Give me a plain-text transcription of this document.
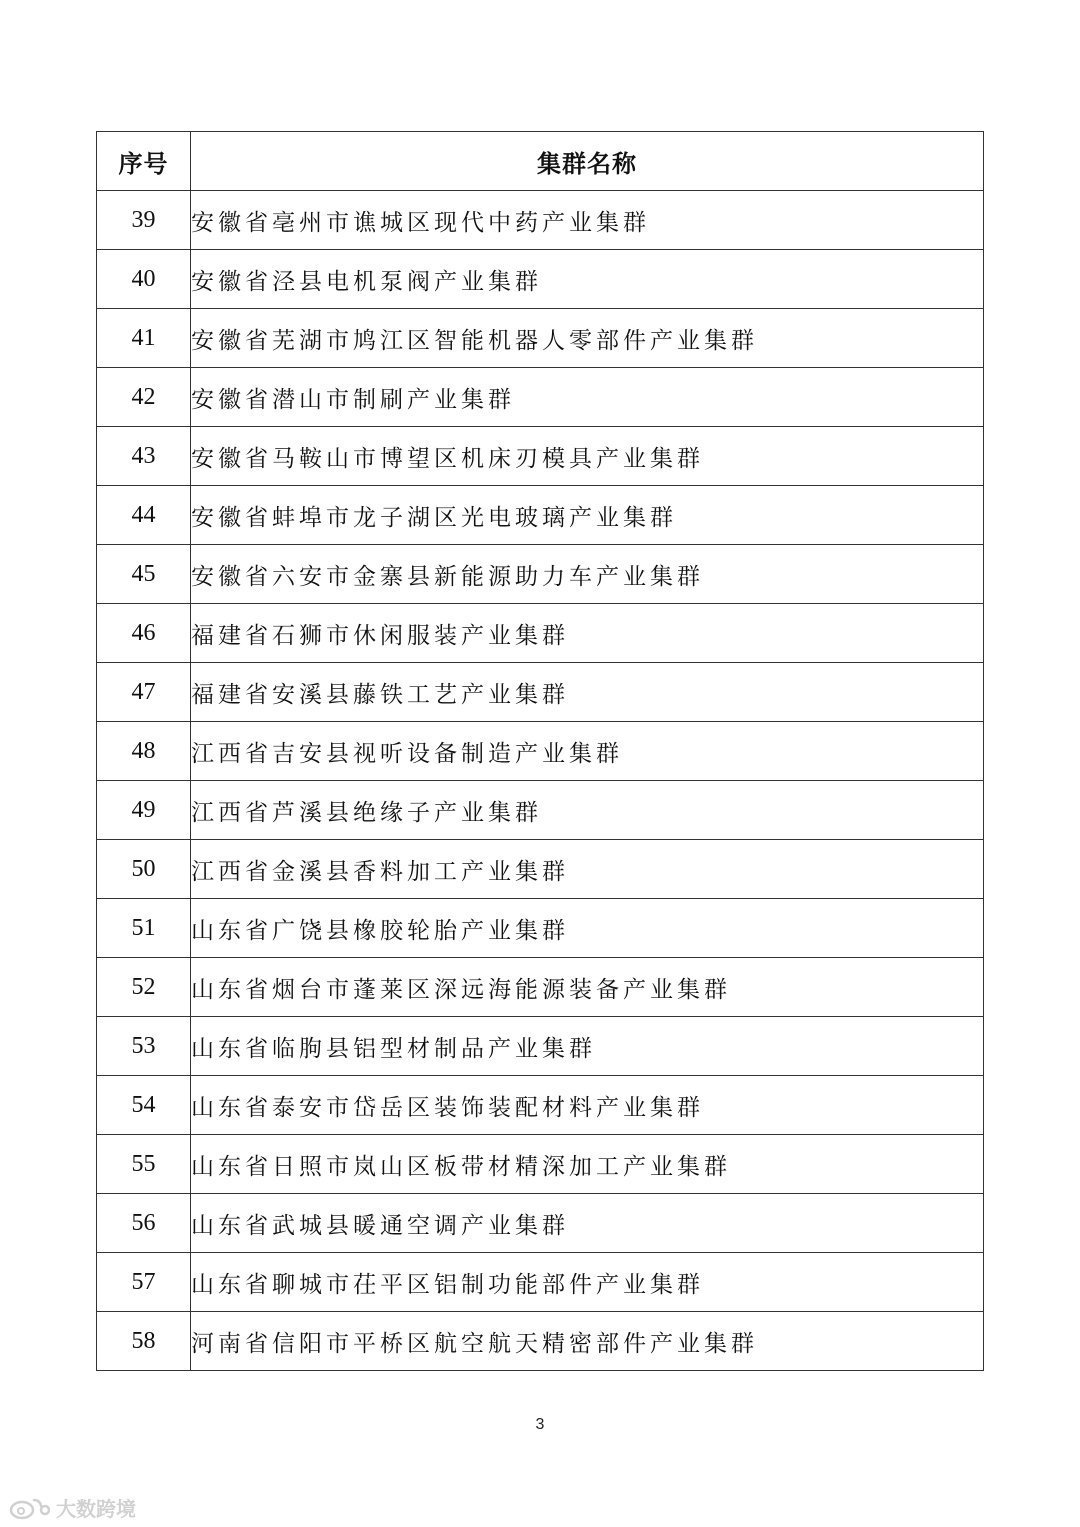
序号	集群名称
39	安徽省亳州市谯城区现代中药产业集群
40	安徽省泾县电机泵阀产业集群
41	安徽省芜湖市鸠江区智能机器人零部件产业集群
42	安徽省潜山市制刷产业集群
43	安徽省马鞍山市博望区机床刃模具产业集群
44	安徽省蚌埠市龙子湖区光电玻璃产业集群
45	安徽省六安市金寨县新能源助力车产业集群
46	福建省石狮市休闲服装产业集群
47	福建省安溪县藤铁工艺产业集群
48	江西省吉安县视听设备制造产业集群
49	江西省芦溪县绝缘子产业集群
50	江西省金溪县香料加工产业集群
51	山东省广饶县橡胶轮胎产业集群
52	山东省烟台市蓬莱区深远海能源装备产业集群
53	山东省临朐县铝型材制品产业集群
54	山东省泰安市岱岳区装饰装配材料产业集群
55	山东省日照市岚山区板带材精深加工产业集群
56	山东省武城县暖通空调产业集群
57	山东省聊城市茌平区铝制功能部件产业集群
58	河南省信阳市平桥区航空航天精密部件产业集群
3
大数跨境
